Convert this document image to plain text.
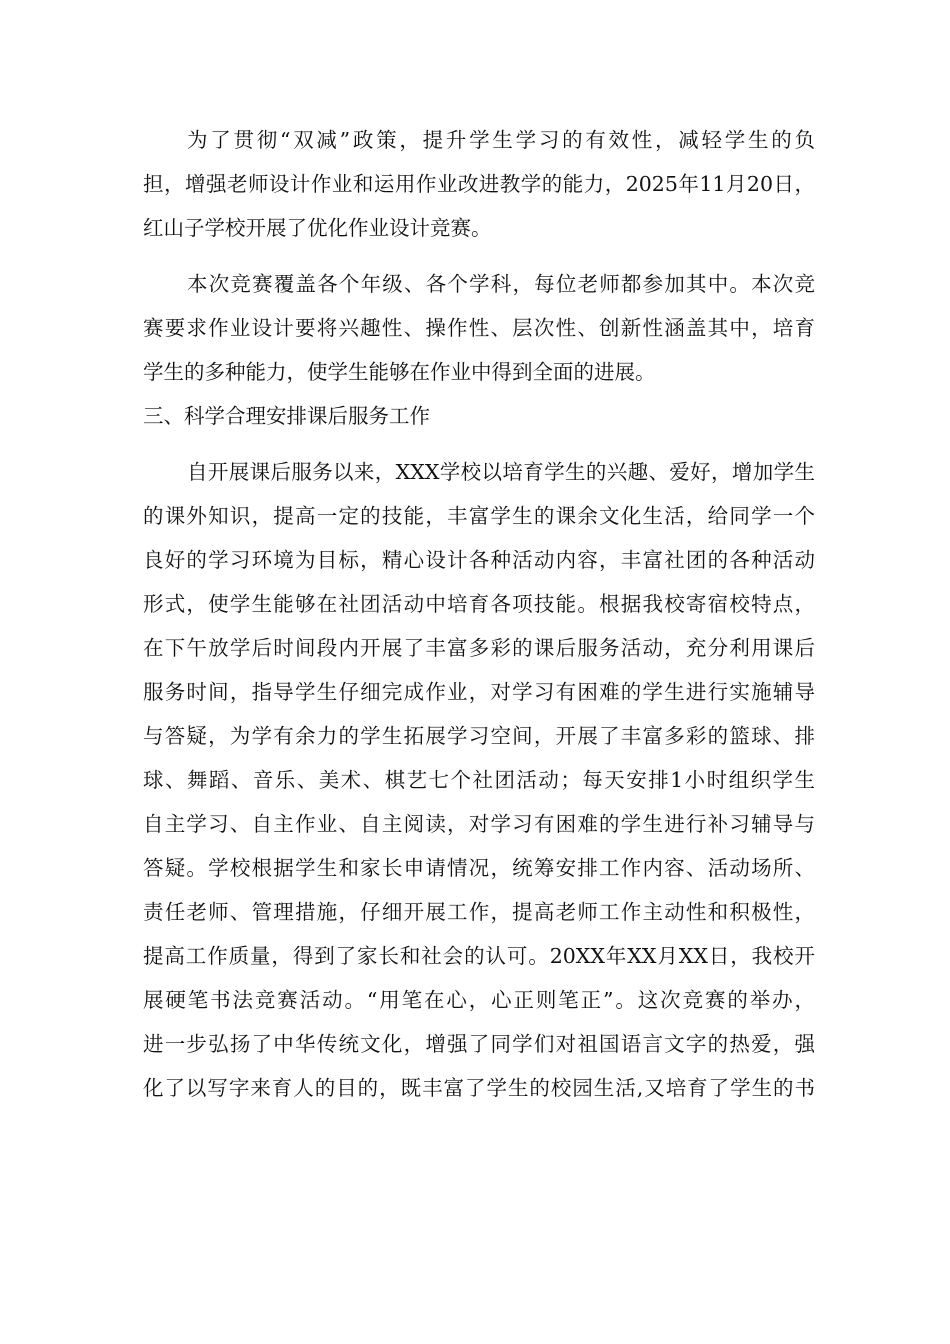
为了贯彻“双减”政策，提升学生学习的有效性，减轻学生的负
担，增强老师设计作业和运用作业改进教学的能力，2025年11月20日，
红山子学校开展了优化作业设计竞赛。
本次竞赛覆盖各个年级、各个学科，每位老师都参加其中。本次竞
赛要求作业设计要将兴趣性、操作性、层次性、创新性涵盖其中，培育
学生的多种能力，使学生能够在作业中得到全面的进展。
三、科学合理安排课后服务工作
自开展课后服务以来，XXX学校以培育学生的兴趣、爱好，增加学生
的课外知识，提高一定的技能，丰富学生的课余文化生活，给同学一个
良好的学习环境为目标，精心设计各种活动内容，丰富社团的各种活动
形式，使学生能够在社团活动中培育各项技能。根据我校寄宿校特点，
在下午放学后时间段内开展了丰富多彩的课后服务活动，充分利用课后
服务时间，指导学生仔细完成作业，对学习有困难的学生进行实施辅导
与答疑，为学有余力的学生拓展学习空间，开展了丰富多彩的篮球、排
球、舞蹈、音乐、美术、棋艺七个社团活动；每天安排1小时组织学生
自主学习、自主作业、自主阅读，对学习有困难的学生进行补习辅导与
答疑。学校根据学生和家长申请情况，统筹安排工作内容、活动场所、
责任老师、管理措施，仔细开展工作，提高老师工作主动性和积极性，
提高工作质量，得到了家长和社会的认可。20XX年XX月XX日，我校开
展硬笔书法竞赛活动。“用笔在心，心正则笔正”。这次竞赛的举办，
进一步弘扬了中华传统文化，增强了同学们对祖国语言文字的热爱，强
化了以写字来育人的目的，既丰富了学生的校园生活,又培育了学生的书
